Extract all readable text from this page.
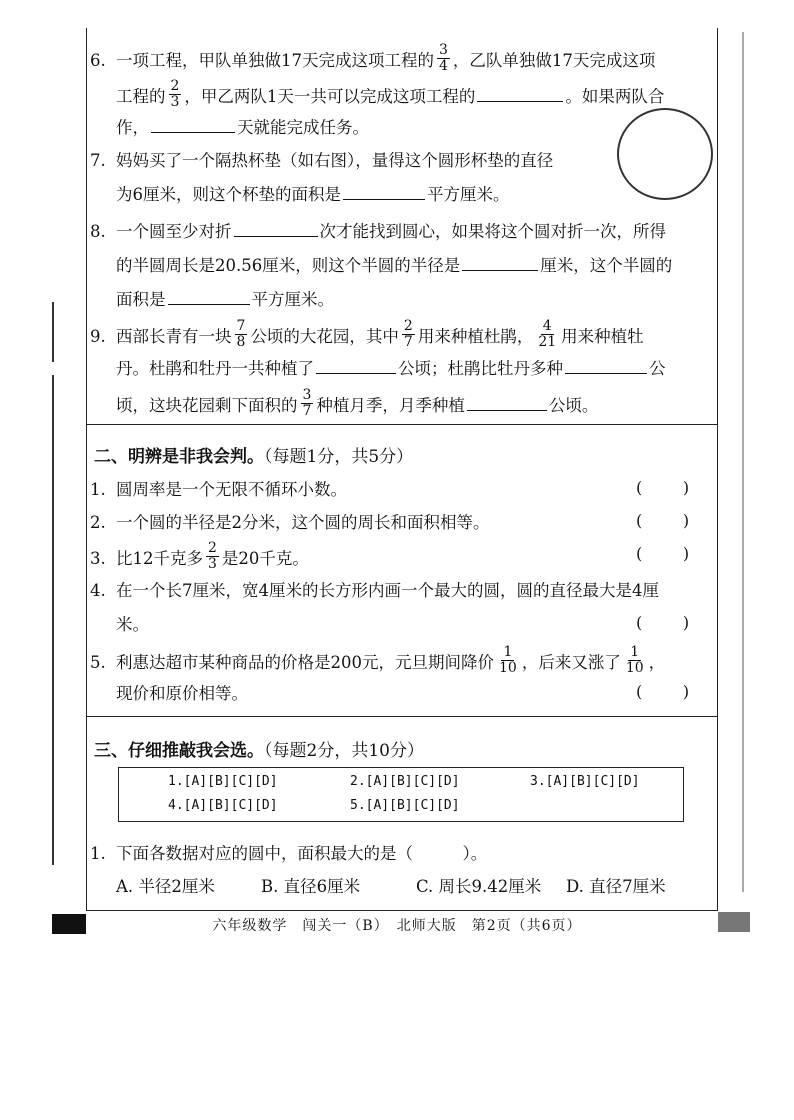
6. 一项工程，甲队单独做17天完成这项工程的 $\frac{3}{4}$ ，乙队单独做17天完成这项
工程的 $\frac{2}{3}$ ，甲乙两队1天一共可以完成这项工程的	。如果两队合
作，	天就能完成任务。
7. 妈妈买了一个隔热杯垫（如右图），量得这个圆形杯垫的直径
为6厘米，则这个杯垫的面积是	平方厘米。
8. 一个圆至少对折	次才能找到圆心，如果将这个圆对折一次，所得
的半圆周长是20.56厘米，则这个半圆的半径是	厘米，这个半圆的
面积是	平方厘米。
9. 西部长青有一块 $\frac{7}{8}$ 公顷的大花园，其中 $\frac{2}{7}$ 用来种植杜鹃， $\frac{4}{21}$ 用来种植牡
丹。杜鹃和牡丹一共种植了	公顷；杜鹃比牡丹多种	公
顷，这块花园剩下面积的 $\frac{3}{7}$ 种植月季，月季种植	公顷。
二、明辨是非我会判。（每题1分，共5分）
1. 圆周率是一个无限不循环小数。	(        )
2. 一个圆的半径是2分米，这个圆的周长和面积相等。	(        )
3. 比12千克多 $\frac{2}{3}$ 是20千克。	(        )
4. 在一个长7厘米，宽4厘米的长方形内画一个最大的圆，圆的直径最大是4厘
米。	(        )
5. 利惠达超市某种商品的价格是200元，元旦期间降价 $\frac{1}{10}$ ，后来又涨了 $\frac{1}{10}$ ，
现价和原价相等。	(        )
三、仔细推敲我会选。（每题2分，共10分）
1.[A][B][C][D]	2.[A][B][C][D]	3.[A][B][C][D]
4.[A][B][C][D]	5.[A][B][C][D]
1. 下面各数据对应的圆中，面积最大的是（　　　）。
A. 半径2厘米	B. 直径6厘米	C. 周长9.42厘米 D. 直径7厘米
六年级数学　闯关一（B）　北师大版　第2页（共6页）
